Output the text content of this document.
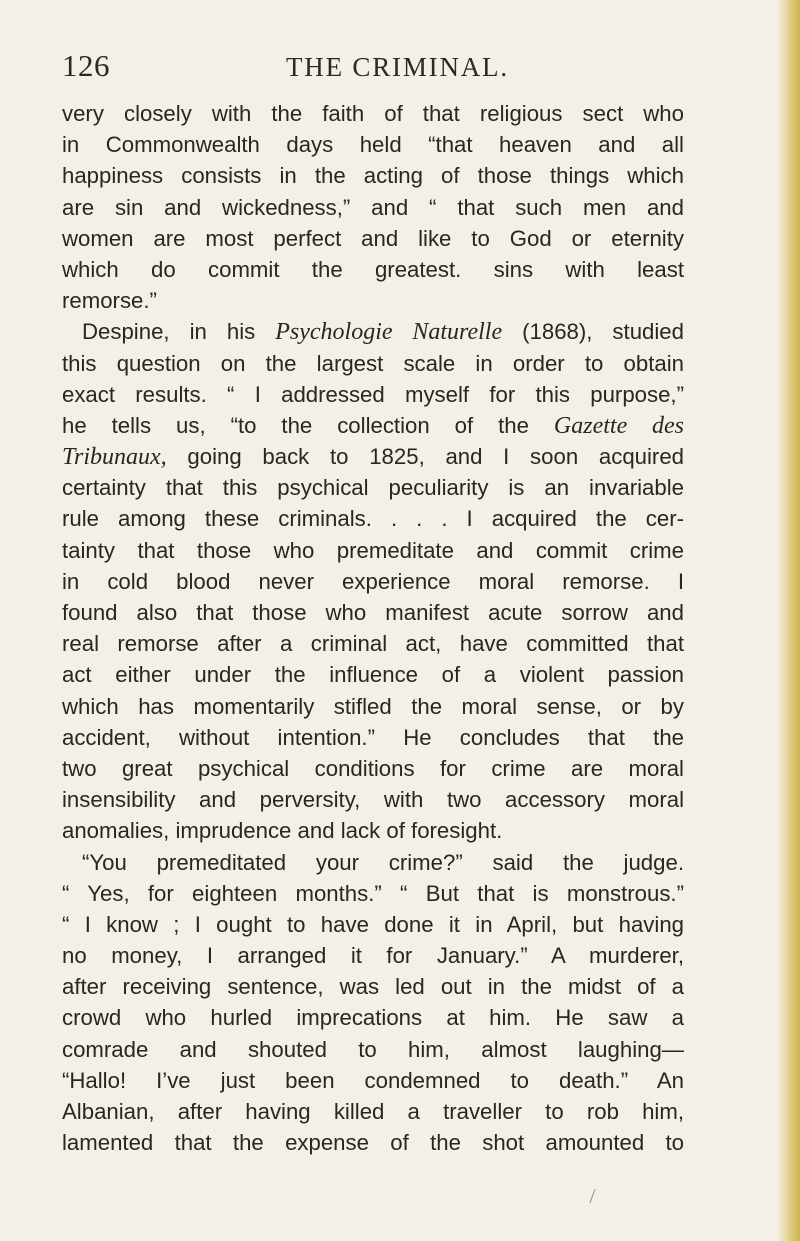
126	THE CRIMINAL.
very closely with the faith of that religious sect who
in Commonwealth days held “that heaven and all
happiness consists in the acting of those things which
are sin and wickedness,” and “ that such men and
women are most perfect and like to God or eternity
which do commit the greatest. sins with least
remorse.”
Despine, in his Psychologie Naturelle (1868), studied
this question on the largest scale in order to obtain
exact results. “ I addressed myself for this purpose,”
he tells us, “to the collection of the Gazette des
Tribunaux, going back to 1825, and I soon acquired
certainty that this psychical peculiarity is an invariable
rule among these criminals. . . . I acquired the cer-
tainty that those who premeditate and commit crime
in cold blood never experience moral remorse. I
found also that those who manifest acute sorrow and
real remorse after a criminal act, have committed that
act either under the influence of a violent passion
which has momentarily stifled the moral sense, or by
accident, without intention.” He concludes that the
two great psychical conditions for crime are moral
insensibility and perversity, with two accessory moral
anomalies, imprudence and lack of foresight.
“You premeditated your crime?” said the judge.
“ Yes, for eighteen months.” “ But that is monstrous.”
“ I know ; I ought to have done it in April, but having
no money, I arranged it for January.” A murderer,
after receiving sentence, was led out in the midst of a
crowd who hurled imprecations at him. He saw a
comrade and shouted to him, almost laughing—
“Hallo! I’ve just been condemned to death.” An
Albanian, after having killed a traveller to rob him,
lamented that the expense of the shot amounted to
